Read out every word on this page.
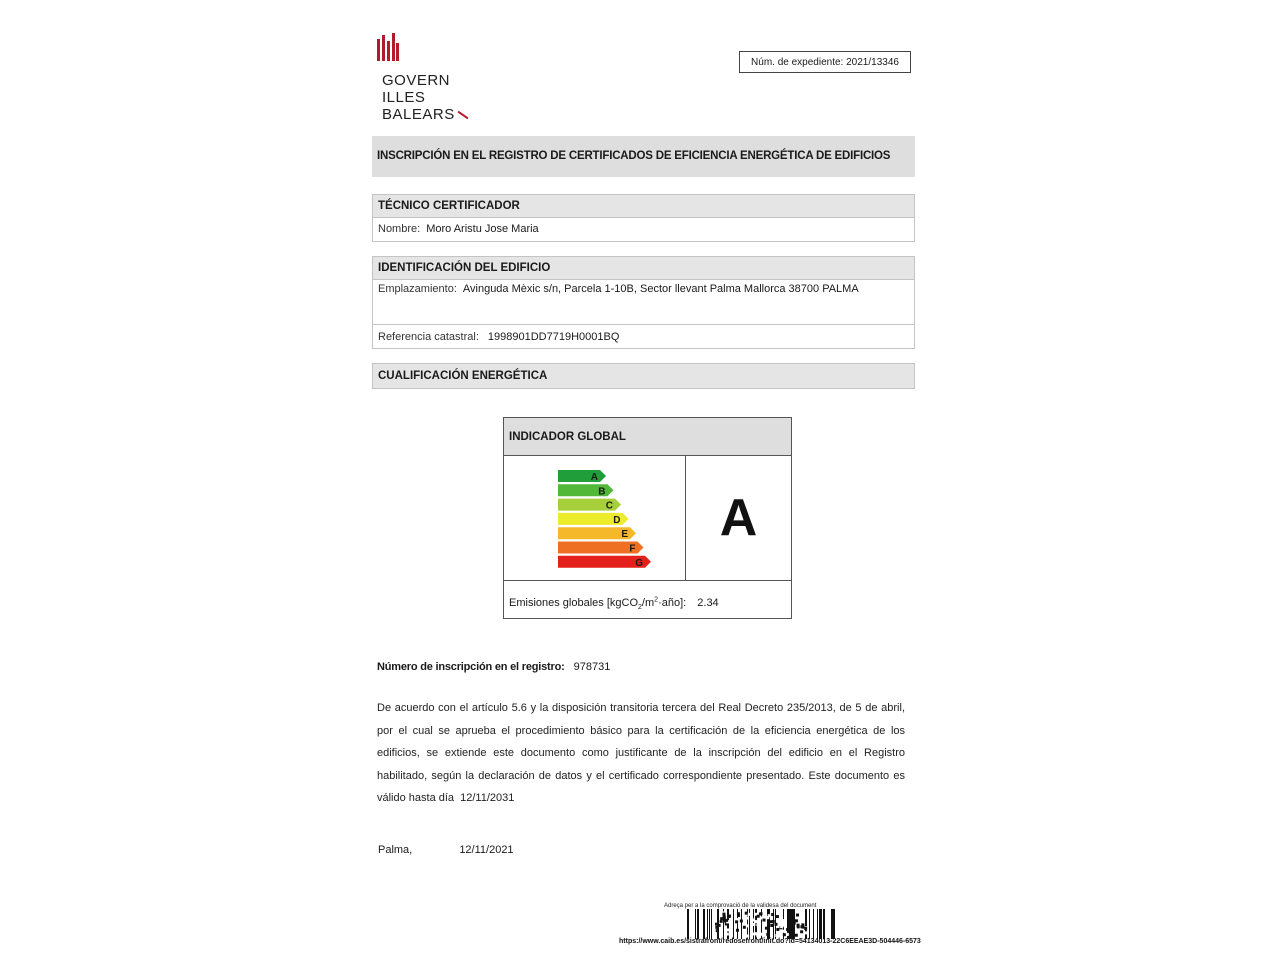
GOVERN
ILLES
BALEARS
Núm. de expediente: 2021/13346
INSCRIPCIÓN EN EL REGISTRO DE CERTIFICADOS DE EFICIENCIA ENERGÉTICA DE EDIFICIOS
TÉCNICO CERTIFICADOR
Nombre: Moro Aristu Jose Maria
IDENTIFICACIÓN DEL EDIFICIO
Emplazamiento: Avinguda Mèxic s/n, Parcela 1-10B, Sector llevant Palma Mallorca 38700 PALMA
Referencia catastral: 1998901DD7719H0001BQ
CUALIFICACIÓN ENERGÉTICA
INDICADOR GLOBAL
A
B
C
D
E
F
G
A
Emisiones globales $[kgCO_2/m^2\cdot año]$: 2.34
Número de inscripción en el registro: 978731
De acuerdo con el artículo 5.6 y la disposición transitoria tercera del Real Decreto 235/2013, de 5 de abril, por el cual se aprueba el procedimiento básico para la certificación de la eficiencia energética de los edificios, se extiende este documento como justificante de la inscripción del edificio en el Registro habilitado, según la declaración de datos y el certificado correspondiente presentado. Este documento es válido hasta día 12/11/2031
Palma,	12/11/2021
Adreça per a la comprovació de la validesa del document
https://www.caib.es/sistrafront/redosefront/init.do?id=54134013-22C6EEAE3D-504446-6573
